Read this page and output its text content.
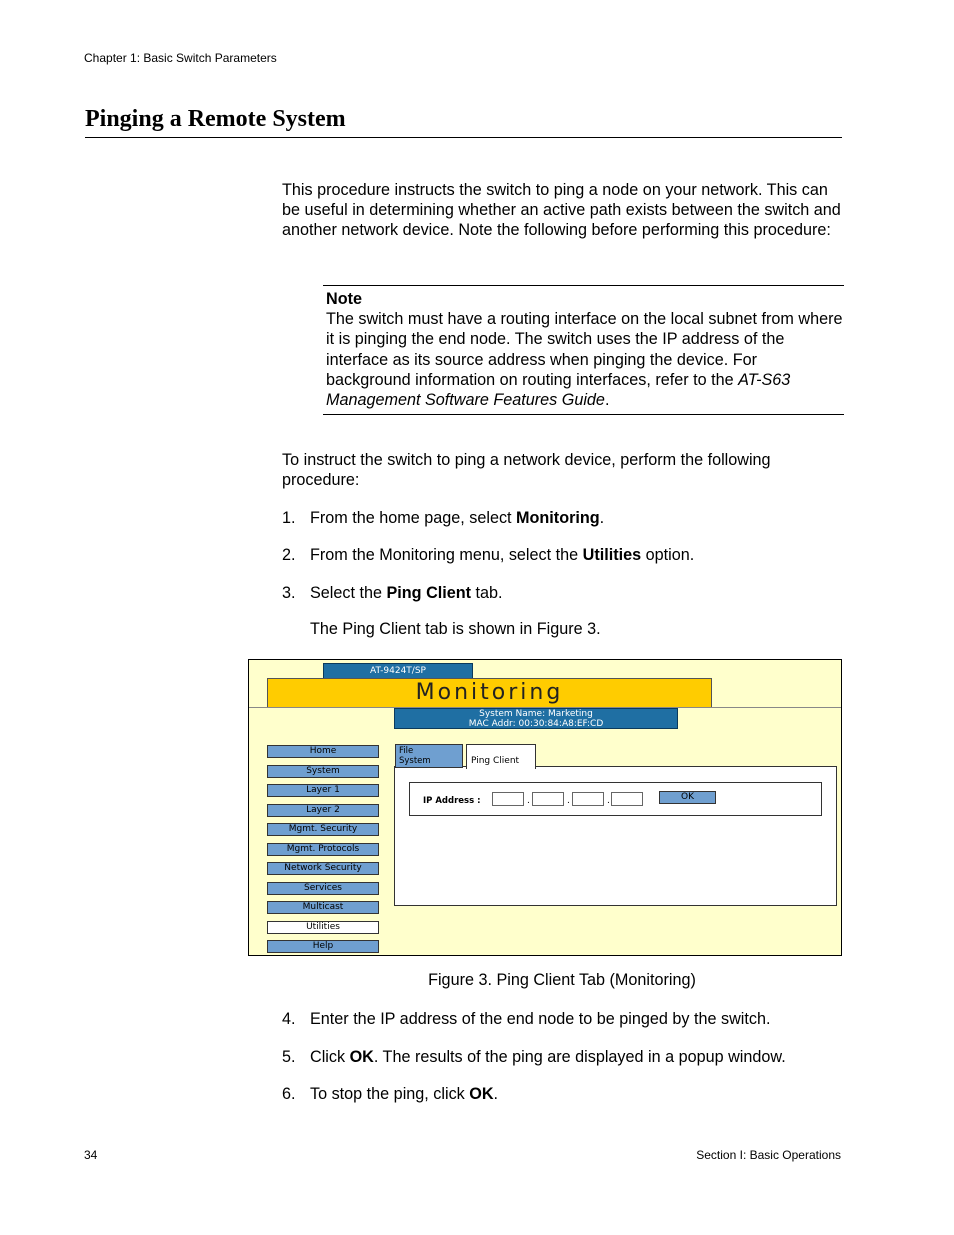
Chapter 1: Basic Switch Parameters
Pinging a Remote System
This procedure instructs the switch to ping a node on your network. This can be useful in determining whether an active path exists between the switch and another network device. Note the following before performing this procedure:
Note
The switch must have a routing interface on the local subnet from where it is pinging the end node. The switch uses the IP address of the interface as its source address when pinging the device. For background information on routing interfaces, refer to the AT-S63 Management Software Features Guide.
To instruct the switch to ping a network device, perform the following procedure:
1. From the home page, select Monitoring.
2. From the Monitoring menu, select the Utilities option.
3. Select the Ping Client tab.
The Ping Client tab is shown in Figure 3.
AT-9424T/SP
Monitoring
System Name: Marketing
MAC Addr: 00:30:84:A8:EF:CD
Home
System
Layer 1
Layer 2
Mgmt. Security
Mgmt. Protocols
Network Security
Services
Multicast
Utilities
Help
File
System	Ping Client
IP Address :	.	.	.	OK
Figure 3. Ping Client Tab (Monitoring)
4. Enter the IP address of the end node to be pinged by the switch.
5. Click OK. The results of the ping are displayed in a popup window.
6. To stop the ping, click OK.
34	Section I: Basic Operations
